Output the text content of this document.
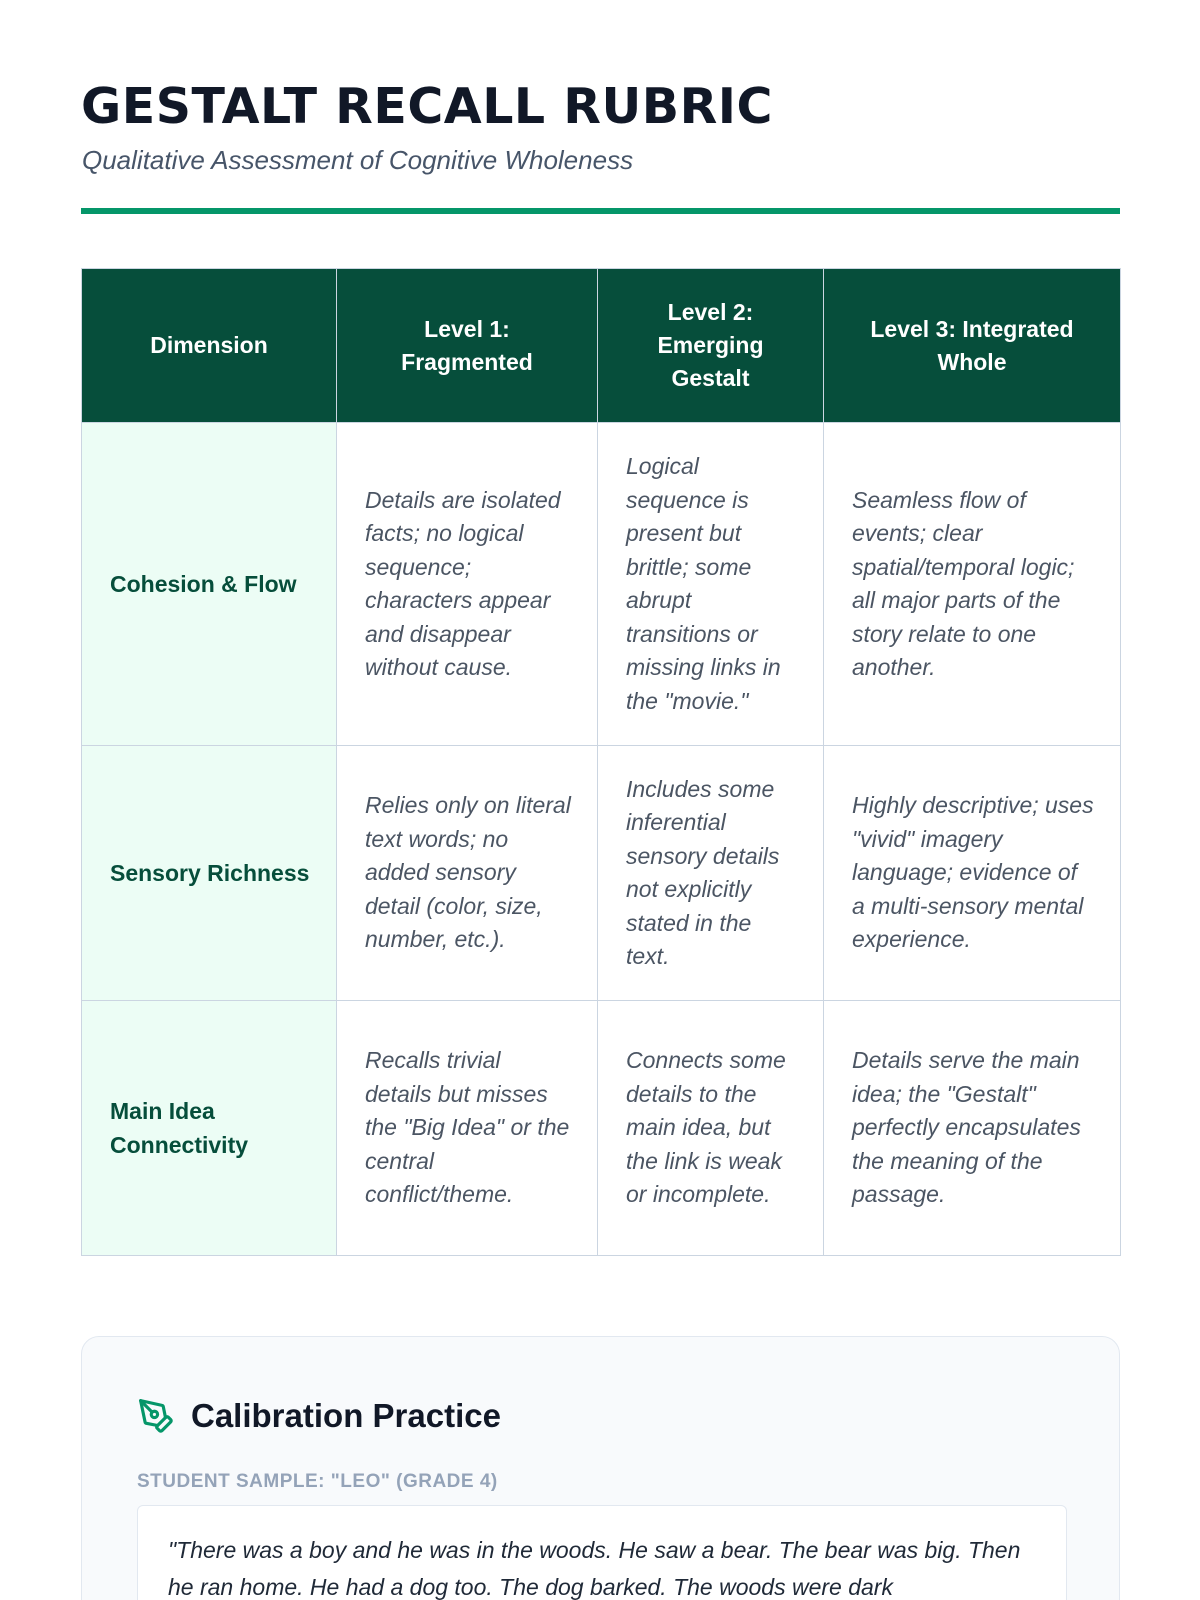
GESTALT RECALL RUBRIC
Qualitative Assessment of Cognitive Wholeness
Dimension	Level 1: Fragmented	Level 2: Emerging Gestalt	Level 3: Integrated Whole
Cohesion & Flow	Details are isolated facts; no logical sequence; characters appear and disappear without cause.	Logical sequence is present but brittle; some abrupt transitions or missing links in the "movie."	Seamless flow of events; clear spatial/temporal logic; all major parts of the story relate to one another.
Sensory Richness	Relies only on literal text words; no added sensory detail (color, size, number, etc.).	Includes some inferential sensory details not explicitly stated in the text.	Highly descriptive; uses "vivid" imagery language; evidence of a multi-sensory mental experience.
Main Idea Connectivity	Recalls trivial details but misses the "Big Idea" or the central conflict/theme.	Connects some details to the main idea, but the link is weak or incomplete.	Details serve the main idea; the "Gestalt" perfectly encapsulates the meaning of the passage.
Calibration Practice
STUDENT SAMPLE: "LEO" (GRADE 4)
"There was a boy and he was in the woods. He saw a bear. The bear was big. Then he ran home. He had a dog too. The dog barked. The woods were dark
